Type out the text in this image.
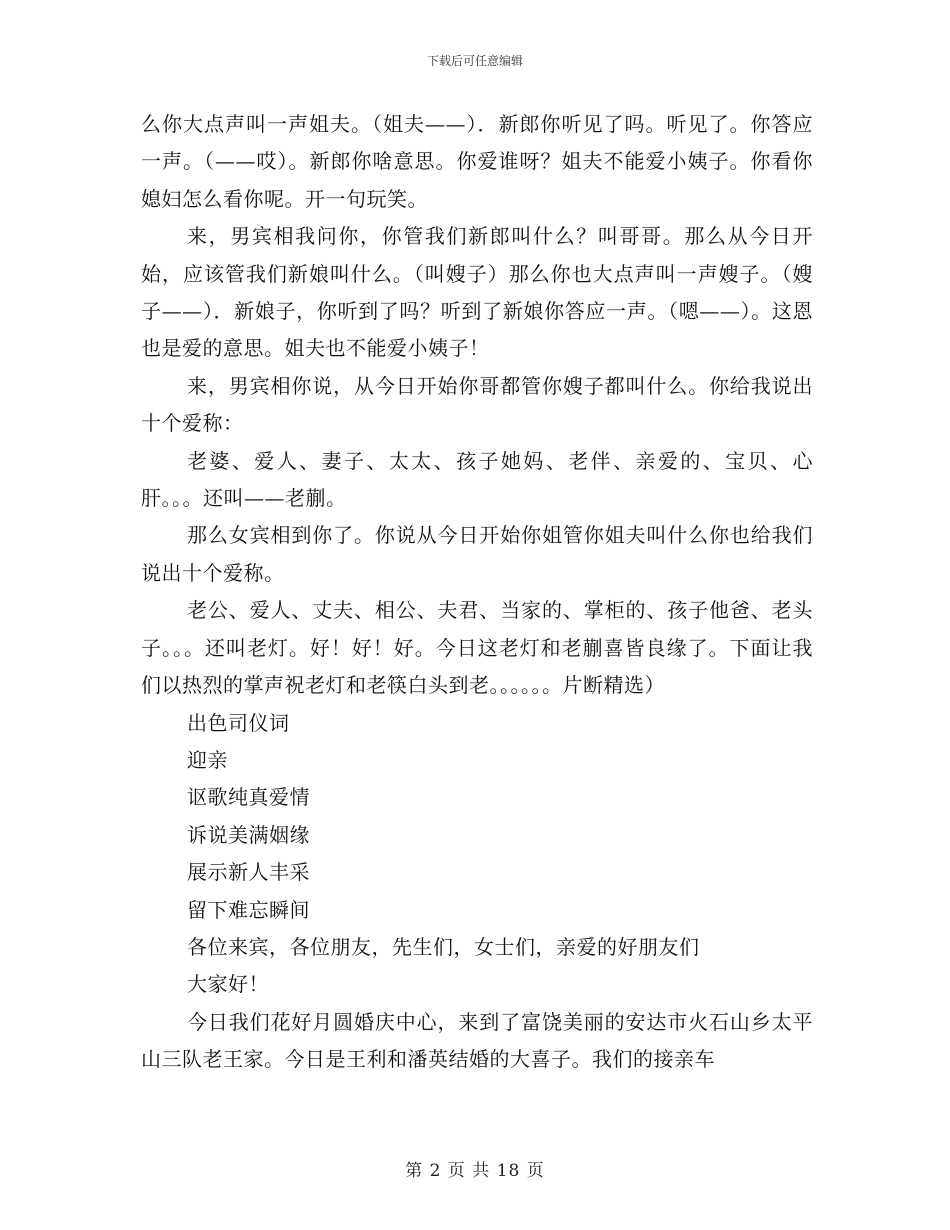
下载后可任意编辑

么你大点声叫一声姐夫。（姐夫——）．新郎你听见了吗。听见了。你答应一声。（——哎）。新郎你啥意思。你爱谁呀？姐夫不能爱小姨子。你看你媳妇怎么看你呢。开一句玩笑。

来，男宾相我问你，你管我们新郎叫什么？叫哥哥。那么从今日开始，应该管我们新娘叫什么。（叫嫂子）那么你也大点声叫一声嫂子。（嫂子——）．新娘子，你听到了吗？听到了新娘你答应一声。（嗯——）。这恩也是爱的意思。姐夫也不能爱小姨子！

来，男宾相你说，从今日开始你哥都管你嫂子都叫什么。你给我说出十个爱称：

老婆、爱人、妻子、太太、孩子她妈、老伴、亲爱的、宝贝、心肝。。。还叫——老蒯。

那么女宾相到你了。你说从今日开始你姐管你姐夫叫什么你也给我们说出十个爱称。

老公、爱人、丈夫、相公、夫君、当家的、掌柜的、孩子他爸、老头子。。。还叫老灯。好！好！好。今日这老灯和老蒯喜皆良缘了。下面让我们以热烈的掌声祝老灯和老筷白头到老。。。。。。片断精选）

出色司仪词

迎亲

讴歌纯真爱情

诉说美满姻缘

展示新人丰采

留下难忘瞬间

各位来宾，各位朋友，先生们，女士们，亲爱的好朋友们

大家好！

今日我们花好月圆婚庆中心，来到了富饶美丽的安达市火石山乡太平山三队老王家。今日是王利和潘英结婚的大喜子。我们的接亲车

第 2 页 共 18 页
